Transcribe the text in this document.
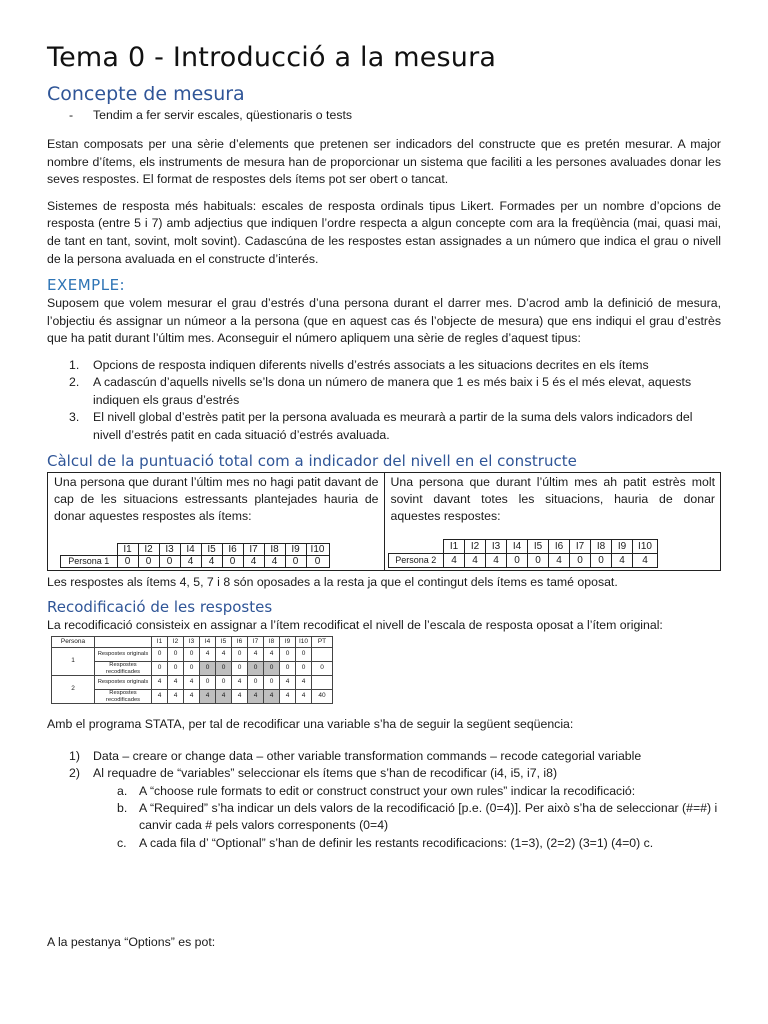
Tema 0 - Introducció a la mesura
Concepte de mesura
-	Tendim a fer servir escales, qüestionaris o tests

Estan composats per una sèrie d’elements que pretenen ser indicadors del constructe que es pretén mesurar. A major nombre d’ítems, els instruments de mesura han de proporcionar un sistema que faciliti a les persones avaluades donar les seves respostes. El format de respostes dels ítems pot ser obert o tancat.

Sistemes de resposta més habituals: escales de resposta ordinals tipus Likert. Formades per un nombre d’opcions de resposta (entre 5 i 7) amb adjectius que indiquen l’ordre respecta a algun concepte com ara la freqüència (mai, quasi mai, de tant en tant, sovint, molt sovint). Cadascúna de les respostes estan assignades a un número que indica el grau o nivell de la persona avaluada en el constructe d’interés.

EXEMPLE:

Suposem que volem mesurar el grau d’estrés d’una persona durant el darrer mes. D’acrod amb la definició de mesura, l’objectiu és assignar un númeor a la persona (que en aquest cas és l’objecte de mesura) que ens indiqui el grau d’estrès que ha patit durant l’últim mes. Aconseguir el número apliquem una sèrie de regles d’aquest tipus:

1.	Opcions de resposta indiquen diferents nivells d’estrés associats a les situacions decrites en els ítems
2.	A cadascún d’aquells nivells se’ls dona un número de manera que 1 es més baix i 5 és el més elevat, aquests indiquen els graus d’estrés
3.	El nivell global d’estrès patit per la persona avaluada es meurarà a partir de la suma dels valors indicadors del nivell d’estrés patit en cada situació d’estrés avaluada.
Càlcul de la puntuació total com a indicador del nivell en el constructe

Una persona que durant l’últim mes no hagi patit davant de cap de les situacions estressants plantejades hauria de donar aquestes respostes als ítems:

	I1	I2	I3	I4	I5	I6	I7	I8	I9	I10
Persona 1	0	0	0	4	4	0	4	4	0	0

Una persona que durant l’últim mes ah patit estrès molt sovint davant totes les situacions, hauria de donar aquestes respostes:

	I1	I2	I3	I4	I5	I6	I7	I8	I9	I10
Persona 2	4	4	4	0	0	4	0	0	4	4

Les respostes als ítems 4, 5, 7 i 8 són oposades a la resta ja que el contingut dels ítems es tamé oposat.

Recodificació de les respostes

La recodificació consisteix en assignar a l’ítem recodificat el nivell de l’escala de resposta oposat a l’ítem original:

Persona		I1	I2	I3	I4	I5	I6	I7	I8	I9	I10	PT
1	Respostes originals	0	0	0	4	4	0	4	4	0	0	
	Respostes recodificades	0	0	0	0	0	0	0	0	0	0	0
2	Respostes originals	4	4	4	0	0	4	0	0	4	4	
	Respostes recodificades	4	4	4	4	4	4	4	4	4	4	40

Amb el programa STATA, per tal de recodificar una variable s’ha de seguir la següent seqüencia:

1)	Data – creare or change data – other variable transformation commands – recode categorial variable
2)	Al requadre de “variables” seleccionar els ítems que s’han de recodificar (i4, i5, i7, i8)
a. A “choose rule formats to edit or construct construct your own rules” indicar la recodificació:
b. A “Required” s’ha indicar un dels valors de la recodificació [p.e. (0=4)]. Per això s’ha de seleccionar (#=#) i canvir cada # pels valors corresponents (0=4)
c.	A cada fila d’ “Optional” s’han de definir les restants recodificacions: (1=3), (2=2) (3=1) (4=0) c.

A la pestanya “Options” es pot:
